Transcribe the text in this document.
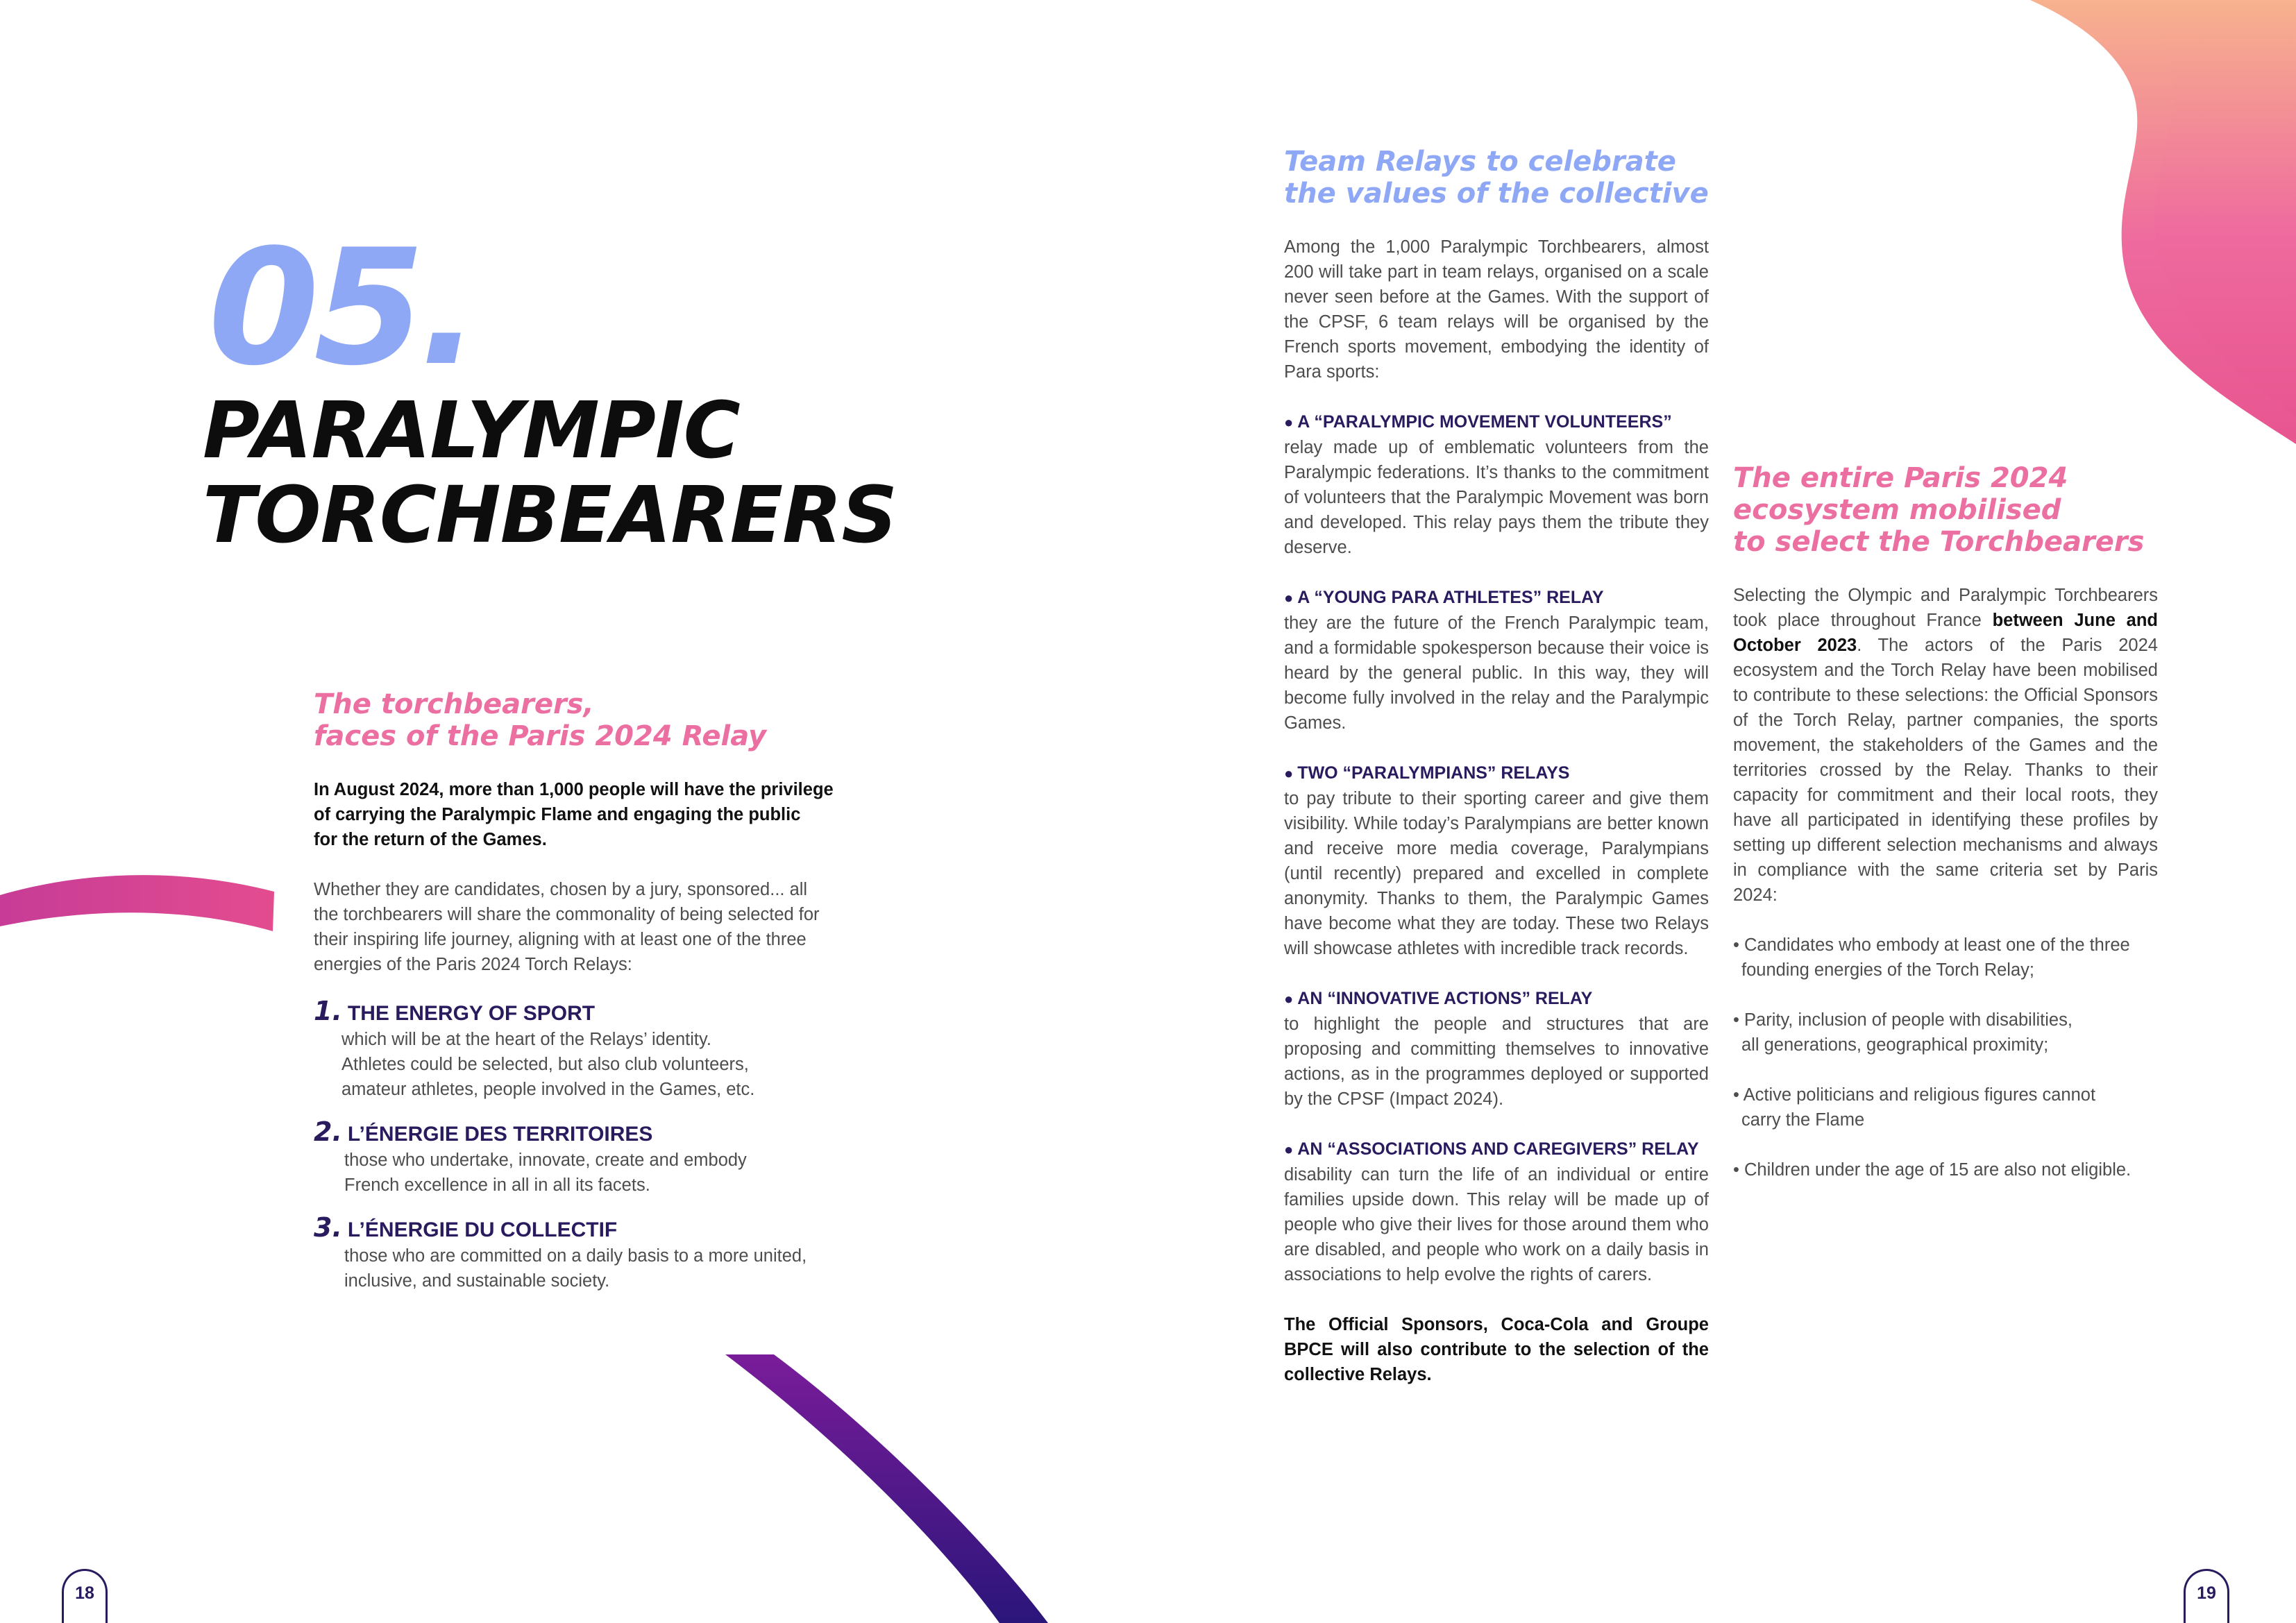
05.
PARALYMPIC
TORCHBEARERS
The torchbearers,
faces of the Paris 2024 Relay
In August 2024, more than 1,000 people will have the privilege
of carrying the Paralympic Flame and engaging the public
for the return of the Games.
Whether they are candidates, chosen by a jury, sponsored... all the torchbearers will share the commonality of being selected for their inspiring life journey, aligning with at least one of the three energies of the Paris 2024 Torch Relays:
1. THE ENERGY OF SPORT
which will be at the heart of the Relays’ identity.
Athletes could be selected, but also club volunteers,
amateur athletes, people involved in the Games, etc.
2. L’ÉNERGIE DES TERRITOIRES
those who undertake, innovate, create and embody
French excellence in all in all its facets.
3. L’ÉNERGIE DU COLLECTIF
those who are committed on a daily basis to a more united,
inclusive, and sustainable society.
Team Relays to celebrate
the values of the collective
Among the 1,000 Paralympic Torchbearers, almost 200 will take part in team relays, organised on a scale never seen before at the Games. With the support of the CPSF, 6 team relays will be organised by the French sports movement, embodying the identity of Para sports:
● A “PARALYMPIC MOVEMENT VOLUNTEERS”
relay made up of emblematic volunteers from the Paralympic federations. It’s thanks to the commitment of volunteers that the Paralympic Movement was born and developed. This relay pays them the tribute they deserve.
● A “YOUNG PARA ATHLETES” RELAY
they are the future of the French Paralympic team, and a formidable spokesperson because their voice is heard by the general public. In this way, they will become fully involved in the relay and the Paralympic Games.
● TWO “PARALYMPIANS” RELAYS
to pay tribute to their sporting career and give them visibility. While today’s Paralympians are better known and receive more media coverage, Paralympians (until recently) prepared and excelled in complete anonymity. Thanks to them, the Paralympic Games have become what they are today. These two Relays will showcase athletes with incredible track records.
● AN “INNOVATIVE ACTIONS” RELAY
to highlight the people and structures that are proposing and committing themselves to innovative actions, as in the programmes deployed or supported by the CPSF (Impact 2024).
● AN “ASSOCIATIONS AND CAREGIVERS” RELAY
disability can turn the life of an individual or entire families upside down. This relay will be made up of people who give their lives for those around them who are disabled, and people who work on a daily basis in associations to help evolve the rights of carers.
The Official Sponsors, Coca-Cola and Groupe BPCE will also contribute to the selection of the collective Relays.
The entire Paris 2024
ecosystem mobilised
to select the Torchbearers
Selecting the Olympic and Paralympic Torchbearers took place throughout France between June and October 2023. The actors of the Paris 2024 ecosystem and the Torch Relay have been mobilised to contribute to these selections: the Official Sponsors of the Torch Relay, partner companies, the sports movement, the stakeholders of the Games and the territories crossed by the Relay. Thanks to their capacity for commitment and their local roots, they have all participated in identifying these profiles by setting up different selection mechanisms and always in compliance with the same criteria set by Paris 2024:
• Candidates who embody at least one of the three
founding energies of the Torch Relay;
• Parity, inclusion of people with disabilities,
all generations, geographical proximity;
• Active politicians and religious figures cannot
carry the Flame
• Children under the age of 15 are also not eligible.
18	19
